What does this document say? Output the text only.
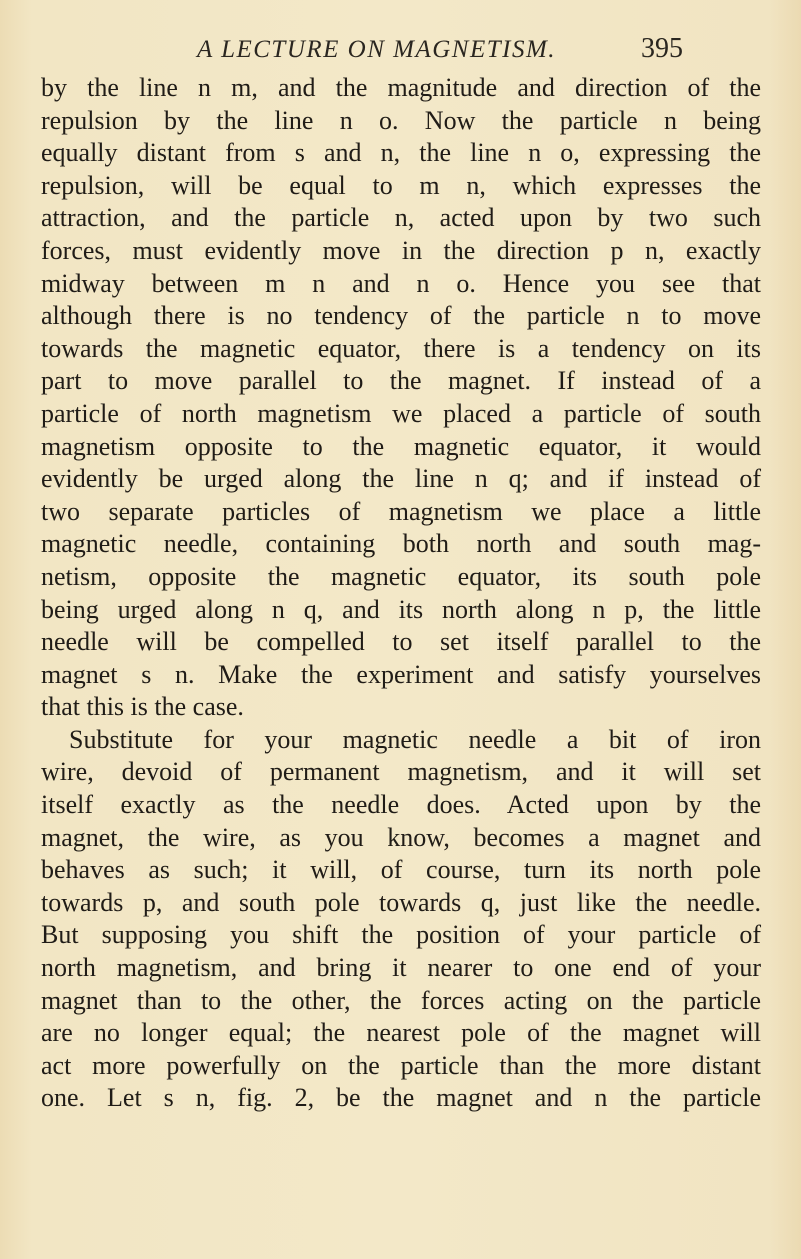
A LECTURE ON MAGNETISM.	395
by the line n m, and the magnitude and direction of the
repulsion by the line n o. Now the particle n being
equally distant from s and n, the line n o, expressing the
repulsion, will be equal to m n, which expresses the
attraction, and the particle n, acted upon by two such
forces, must evidently move in the direction p n, exactly
midway between m n and n o. Hence you see that
although there is no tendency of the particle n to move
towards the magnetic equator, there is a tendency on its
part to move parallel to the magnet. If instead of a
particle of north magnetism we placed a particle of south
magnetism opposite to the magnetic equator, it would
evidently be urged along the line n q; and if instead of
two separate particles of magnetism we place a little
magnetic needle, containing both north and south mag-
netism, opposite the magnetic equator, its south pole
being urged along n q, and its north along n p, the little
needle will be compelled to set itself parallel to the
magnet s n. Make the experiment and satisfy yourselves
that this is the case.
Substitute for your magnetic needle a bit of iron
wire, devoid of permanent magnetism, and it will set
itself exactly as the needle does. Acted upon by the
magnet, the wire, as you know, becomes a magnet and
behaves as such; it will, of course, turn its north pole
towards p, and south pole towards q, just like the needle.
But supposing you shift the position of your particle of
north magnetism, and bring it nearer to one end of your
magnet than to the other, the forces acting on the particle
are no longer equal; the nearest pole of the magnet will
act more powerfully on the particle than the more distant
one. Let s n, fig. 2, be the magnet and n the particle
